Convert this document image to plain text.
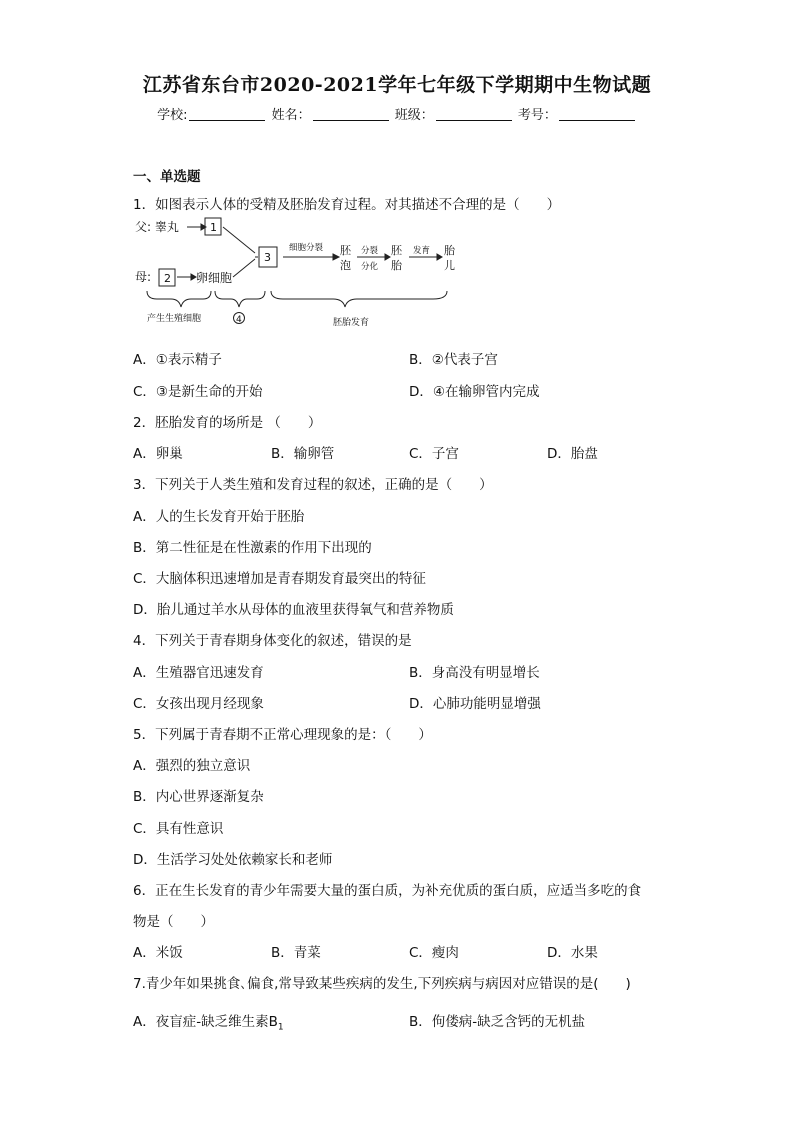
江苏省东台市2020-2021学年七年级下学期期中生物试题
学校:	姓名：	班级：	考号：
一、单选题
1．如图表示人体的受精及胚胎发育过程。对其描述不合理的是（　　）
父: 睾丸	1
母: 2 卵细胞
3
细胞分裂 胚
泡
分裂
分化
胚
胎
发育 胎
儿
产生生殖细胞	4	胚胎发育
A．①表示精子	B．②代表子宫
C．③是新生命的开始	D．④在输卵管内完成
2．胚胎发育的场所是 （　　）
A．卵巢	B．输卵管	C．子宫	D．胎盘
3．下列关于人类生殖和发育过程的叙述，正确的是（　　）
A．人的生长发育开始于胚胎
B．第二性征是在性激素的作用下出现的
C．大脑体积迅速增加是青春期发育最突出的特征
D．胎儿通过羊水从母体的血液里获得氧气和营养物质
4．下列关于青春期身体变化的叙述，错误的是
A．生殖器官迅速发育	B．身高没有明显增长
C．女孩出现月经现象	D．心肺功能明显增强
5．下列属于青春期不正常心理现象的是：（　　）
A．强烈的独立意识
B．内心世界逐渐复杂
C．具有性意识
D．生活学习处处依赖家长和老师
6．正在生长发育的青少年需要大量的蛋白质，为补充优质的蛋白质，应适当多吃的食
物是（　　）
A．米饭	B．青菜	C．瘦肉	D．水果
7.青少年如果挑食､偏食,常导致某些疾病的发生,下列疾病与病因对应错误的是(　　)
A．夜盲症-缺乏维生素$B_1$	B．佝偻病-缺乏含钙的无机盐
